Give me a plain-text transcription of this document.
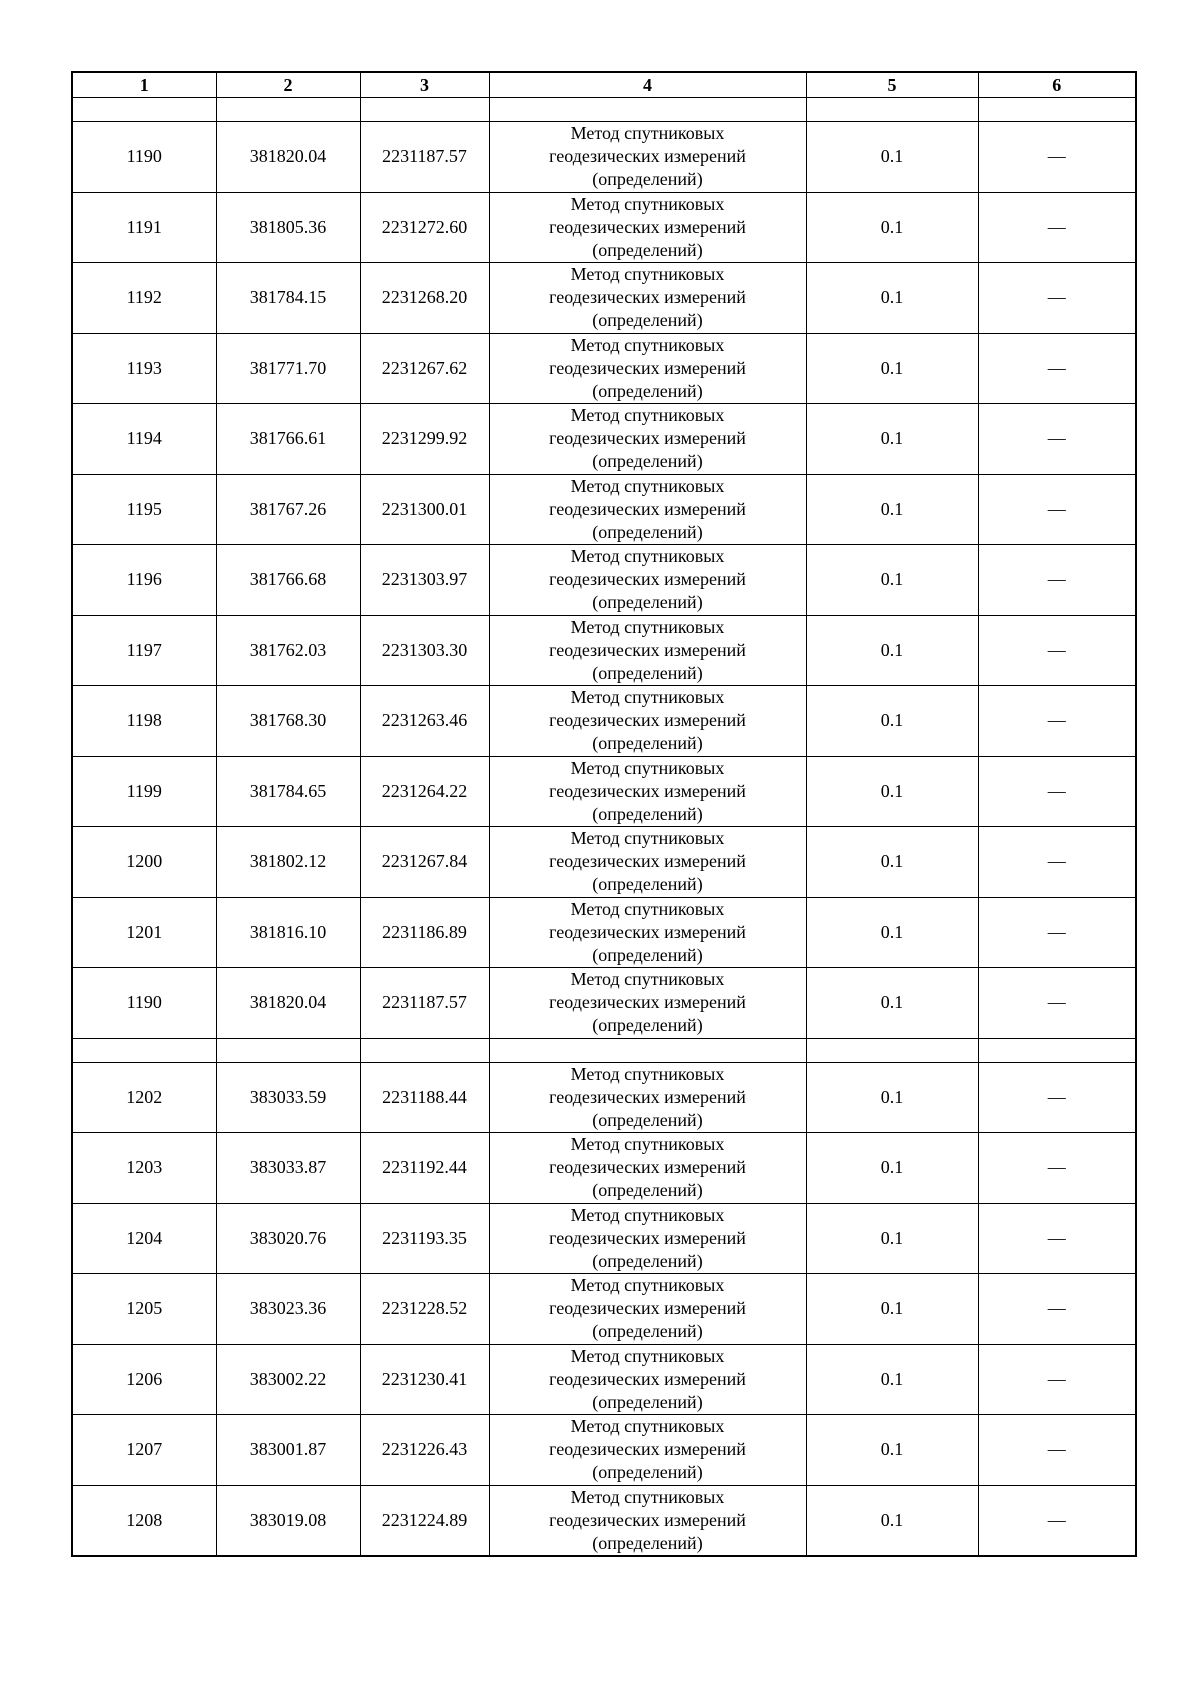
1	2	3	4	5	6

1190	381820.04	2231187.57	Метод спутниковых
геодезических измерений
(определений)	0.1	—
1191	381805.36	2231272.60	Метод спутниковых
геодезических измерений
(определений)	0.1	—
1192	381784.15	2231268.20	Метод спутниковых
геодезических измерений
(определений)	0.1	—
1193	381771.70	2231267.62	Метод спутниковых
геодезических измерений
(определений)	0.1	—
1194	381766.61	2231299.92	Метод спутниковых
геодезических измерений
(определений)	0.1	—
1195	381767.26	2231300.01	Метод спутниковых
геодезических измерений
(определений)	0.1	—
1196	381766.68	2231303.97	Метод спутниковых
геодезических измерений
(определений)	0.1	—
1197	381762.03	2231303.30	Метод спутниковых
геодезических измерений
(определений)	0.1	—
1198	381768.30	2231263.46	Метод спутниковых
геодезических измерений
(определений)	0.1	—
1199	381784.65	2231264.22	Метод спутниковых
геодезических измерений
(определений)	0.1	—
1200	381802.12	2231267.84	Метод спутниковых
геодезических измерений
(определений)	0.1	—
1201	381816.10	2231186.89	Метод спутниковых
геодезических измерений
(определений)	0.1	—
1190	381820.04	2231187.57	Метод спутниковых
геодезических измерений
(определений)	0.1	—

1202	383033.59	2231188.44	Метод спутниковых
геодезических измерений
(определений)	0.1	—
1203	383033.87	2231192.44	Метод спутниковых
геодезических измерений
(определений)	0.1	—
1204	383020.76	2231193.35	Метод спутниковых
геодезических измерений
(определений)	0.1	—
1205	383023.36	2231228.52	Метод спутниковых
геодезических измерений
(определений)	0.1	—
1206	383002.22	2231230.41	Метод спутниковых
геодезических измерений
(определений)	0.1	—
1207	383001.87	2231226.43	Метод спутниковых
геодезических измерений
(определений)	0.1	—
1208	383019.08	2231224.89	Метод спутниковых
геодезических измерений
(определений)	0.1	—
